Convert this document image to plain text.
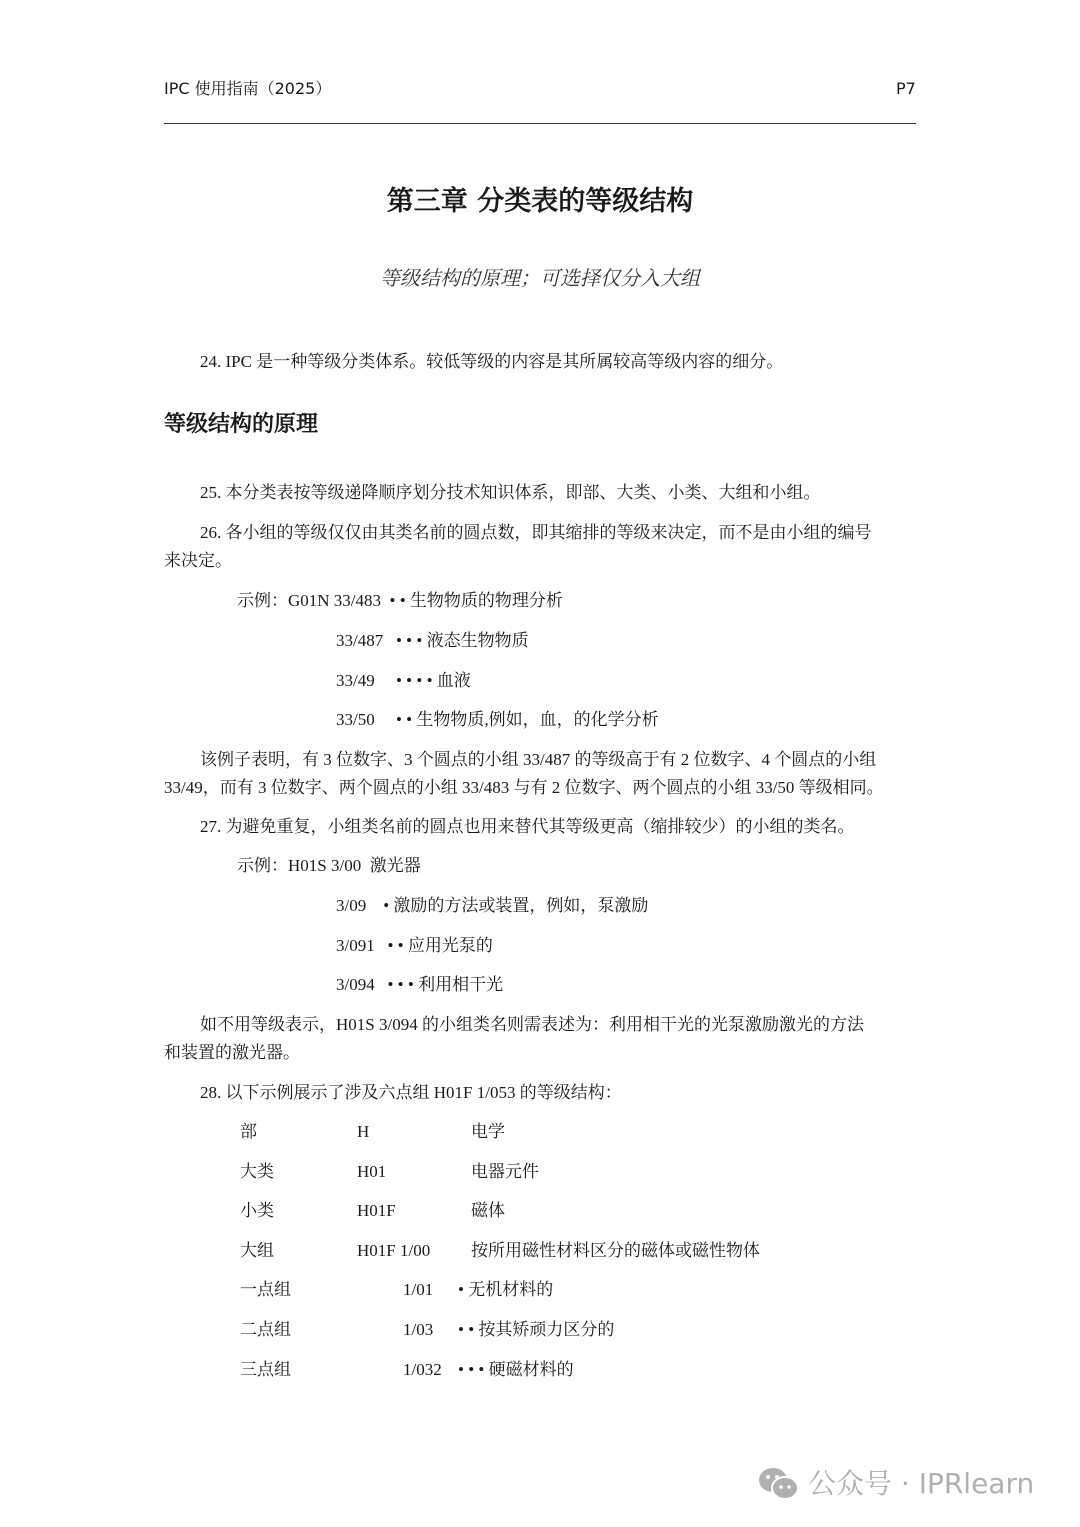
IPC 使用指南（2025）	P7
第三章 分类表的等级结构
等级结构的原理；可选择仅分入大组
24. IPC 是一种等级分类体系。较低等级的内容是其所属较高等级内容的细分。
等级结构的原理
25. 本分类表按等级递降顺序划分技术知识体系，即部、大类、小类、大组和小组。
26. 各小组的等级仅仅由其类名前的圆点数，即其缩排的等级来决定，而不是由小组的编号
来决定。
示例：G01N 33/483  • • 生物物质的物理分析
33/487   • • • 液态生物物质
33/49     • • • • 血液
33/50     • • 生物物质,例如，血，的化学分析
该例子表明，有 3 位数字、3 个圆点的小组 33/487 的等级高于有 2 位数字、4 个圆点的小组
33/49，而有 3 位数字、两个圆点的小组 33/483 与有 2 位数字、两个圆点的小组 33/50 等级相同。
27. 为避免重复，小组类名前的圆点也用来替代其等级更高（缩排较少）的小组的类名。
示例：H01S 3/00  激光器
3/09    • 激励的方法或装置，例如，泵激励
3/091   • • 应用光泵的
3/094   • • • 利用相干光
如不用等级表示，H01S 3/094 的小组类名则需表述为：利用相干光的光泵激励激光的方法
和装置的激光器。
28. 以下示例展示了涉及六点组 H01F 1/053 的等级结构：
部	H	电学
大类	H01	电器元件
小类	H01F	磁体
大组	H01F 1/00 按所用磁性材料区分的磁体或磁性物体
一点组	1/01 • 无机材料的
二点组	1/03 • • 按其矫顽力区分的
三点组	1/032 • • • 硬磁材料的
公众号 · IPRlearn
